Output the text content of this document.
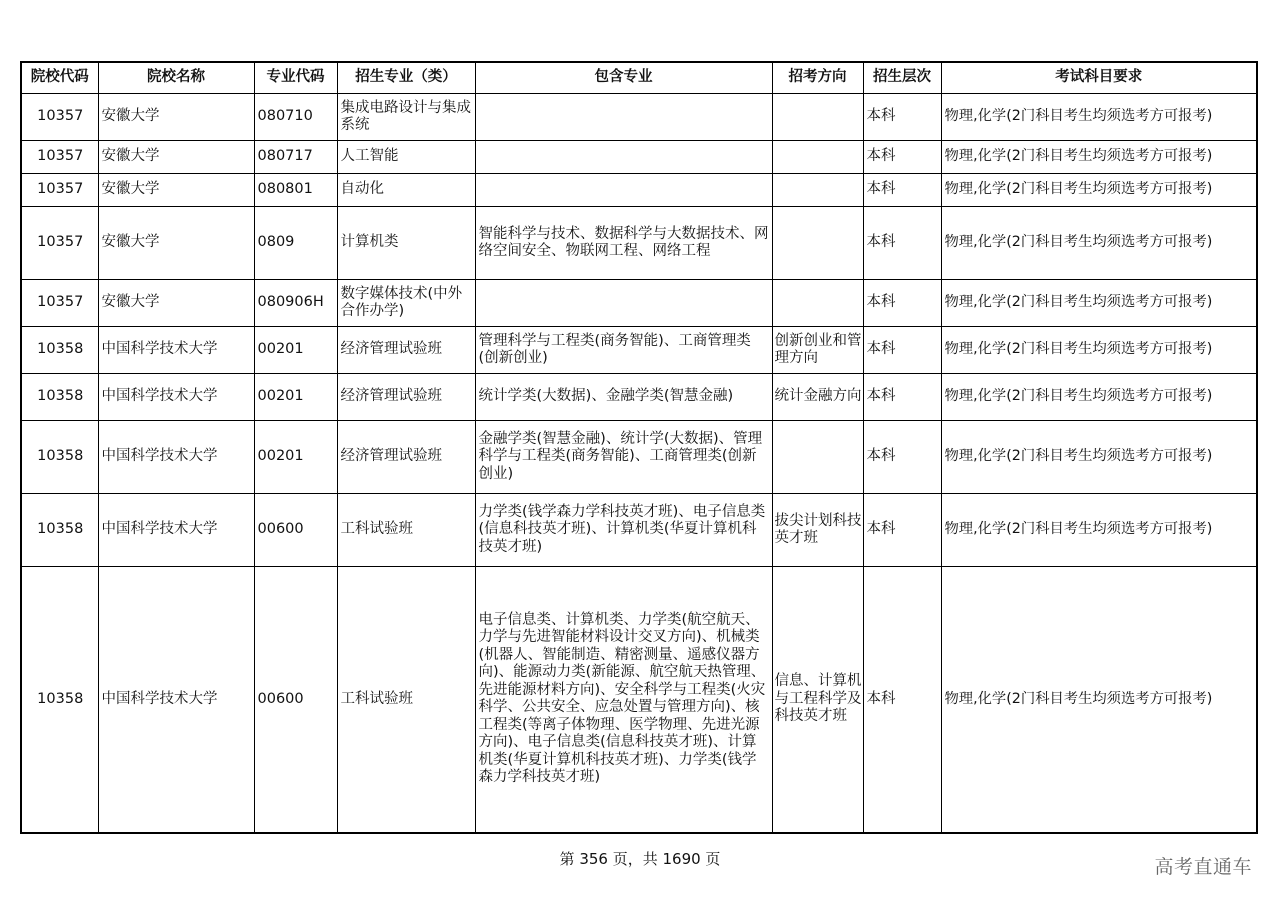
院校代码	院校名称	专业代码	招生专业（类）	包含专业	招考方向	招生层次	考试科目要求
10357	安徽大学	080710	集成电路设计与集成系统			本科	物理,化学(2门科目考生均须选考方可报考)
10357	安徽大学	080717	人工智能			本科	物理,化学(2门科目考生均须选考方可报考)
10357	安徽大学	080801	自动化			本科	物理,化学(2门科目考生均须选考方可报考)
10357	安徽大学	0809	计算机类	智能科学与技术、数据科学与大数据技术、网络空间安全、物联网工程、网络工程		本科	物理,化学(2门科目考生均须选考方可报考)
10357	安徽大学	080906H	数字媒体技术(中外合作办学)			本科	物理,化学(2门科目考生均须选考方可报考)
10358	中国科学技术大学	00201	经济管理试验班	管理科学与工程类(商务智能)、工商管理类(创新创业)	创新创业和管理方向	本科	物理,化学(2门科目考生均须选考方可报考)
10358	中国科学技术大学	00201	经济管理试验班	统计学类(大数据)、金融学类(智慧金融)	统计金融方向	本科	物理,化学(2门科目考生均须选考方可报考)
10358	中国科学技术大学	00201	经济管理试验班	金融学类(智慧金融)、统计学(大数据)、管理科学与工程类(商务智能)、工商管理类(创新创业)		本科	物理,化学(2门科目考生均须选考方可报考)
10358	中国科学技术大学	00600	工科试验班	力学类(钱学森力学科技英才班)、电子信息类(信息科技英才班)、计算机类(华夏计算机科技英才班)	拔尖计划科技英才班	本科	物理,化学(2门科目考生均须选考方可报考)
10358	中国科学技术大学	00600	工科试验班	电子信息类、计算机类、力学类(航空航天、力学与先进智能材料设计交叉方向)、机械类(机器人、智能制造、精密测量、遥感仪器方向)、能源动力类(新能源、航空航天热管理、先进能源材料方向)、安全科学与工程类(火灾科学、公共安全、应急处置与管理方向)、核工程类(等离子体物理、医学物理、先进光源方向)、电子信息类(信息科技英才班)、计算机类(华夏计算机科技英才班)、力学类(钱学森力学科技英才班)	信息、计算机与工程科学及科技英才班	本科	物理,化学(2门科目考生均须选考方可报考)
第 356 页，共 1690 页	高考直通车
